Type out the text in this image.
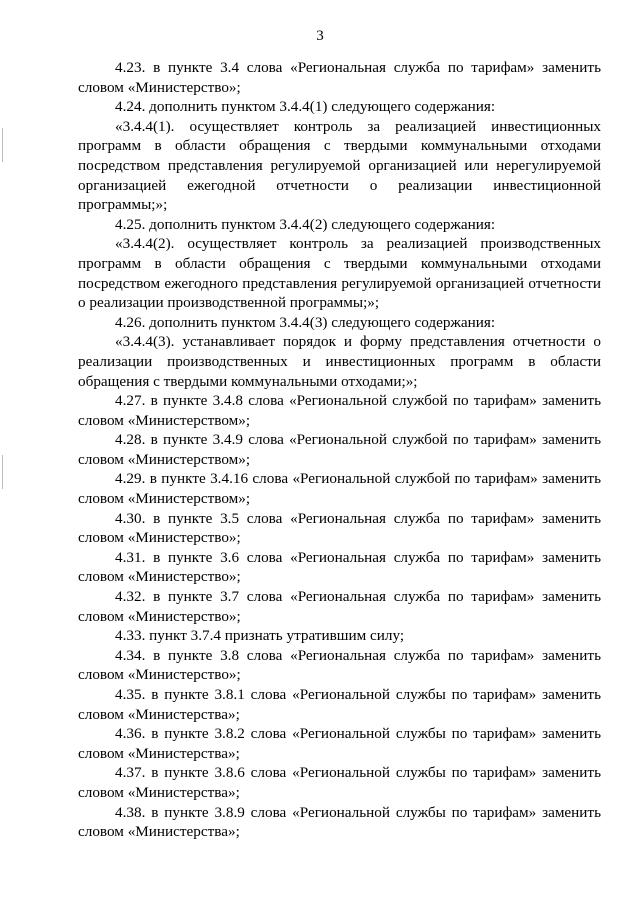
3

4.23. в пункте 3.4 слова «Региональная служба по тарифам» заменить словом «Министерство»;

4.24. дополнить пунктом 3.4.4(1) следующего содержания:

«3.4.4(1). осуществляет контроль за реализацией инвестиционных программ в области обращения с твердыми коммунальными отходами посредством представления регулируемой организацией или нерегулируемой организацией ежегодной отчетности о реализации инвестиционной программы;»;

4.25. дополнить пунктом 3.4.4(2) следующего содержания:

«3.4.4(2). осуществляет контроль за реализацией производственных программ в области обращения с твердыми коммунальными отходами посредством ежегодного представления регулируемой организацией отчетности о реализации производственной программы;»;

4.26. дополнить пунктом 3.4.4(3) следующего содержания:

«3.4.4(3). устанавливает порядок и форму представления отчетности о реализации производственных и инвестиционных программ в области обращения с твердыми коммунальными отходами;»;

4.27. в пункте 3.4.8 слова «Региональной службой по тарифам» заменить словом «Министерством»;

4.28. в пункте 3.4.9 слова «Региональной службой по тарифам» заменить словом «Министерством»;

4.29. в пункте 3.4.16 слова «Региональной службой по тарифам» заменить словом «Министерством»;

4.30. в пункте 3.5 слова «Региональная служба по тарифам» заменить словом «Министерство»;

4.31. в пункте 3.6 слова «Региональная служба по тарифам» заменить словом «Министерство»;

4.32. в пункте 3.7 слова «Региональная служба по тарифам» заменить словом «Министерство»;

4.33. пункт 3.7.4 признать утратившим силу;

4.34. в пункте 3.8 слова «Региональная служба по тарифам» заменить словом «Министерство»;

4.35. в пункте 3.8.1 слова «Региональной службы по тарифам» заменить словом «Министерства»;

4.36. в пункте 3.8.2 слова «Региональной службы по тарифам» заменить словом «Министерства»;

4.37. в пункте 3.8.6 слова «Региональной службы по тарифам» заменить словом «Министерства»;

4.38. в пункте 3.8.9 слова «Региональной службы по тарифам» заменить словом «Министерства»;
